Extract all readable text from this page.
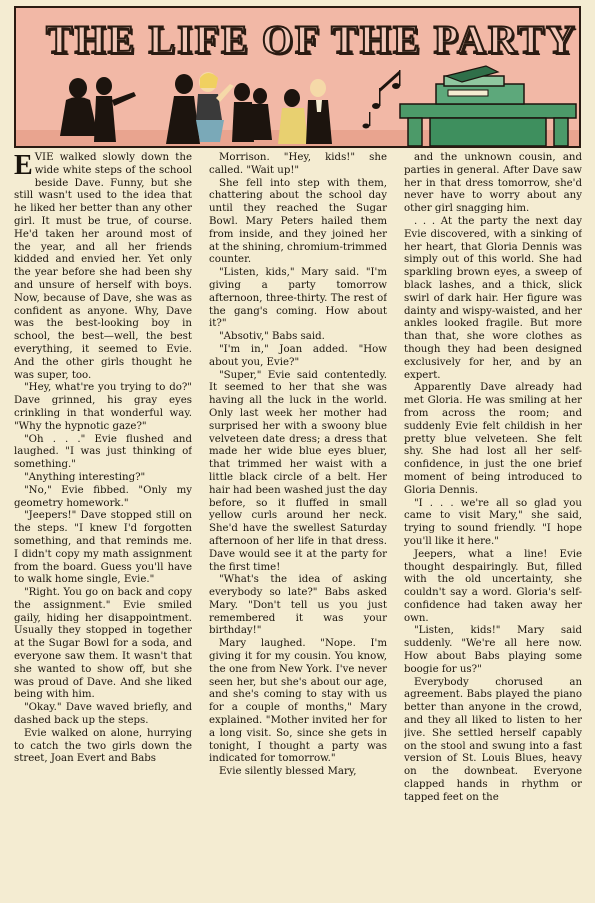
THE LIFE OF THE PARTY

EVIE walked slowly down the wide white steps of the school beside Dave. Funny, but she still wasn't used to the idea that he liked her better than any other girl. It must be true, of course. He'd taken her around most of the year, and all her friends kidded and envied her. Yet only the year before she had been shy and unsure of herself with boys. Now, because of Dave, she was as confident as anyone. Why, Dave was the best-looking boy in school, the best—well, the best everything, it seemed to Evie. And the other girls thought he was super, too.

"Hey, what're you trying to do?" Dave grinned, his gray eyes crinkling in that wonderful way. "Why the hypnotic gaze?"

"Oh . . ." Evie flushed and laughed. "I was just thinking of something."

"Anything interesting?"

"No," Evie fibbed. "Only my geometry homework."

"Jeepers!" Dave stopped still on the steps. "I knew I'd forgotten something, and that reminds me. I didn't copy my math assignment from the board. Guess you'll have to walk home single, Evie."

"Right. You go on back and copy the assignment." Evie smiled gaily, hiding her disappointment. Usually they stopped in together at the Sugar Bowl for a soda, and everyone saw them. It wasn't that she wanted to show off, but she was proud of Dave. And she liked being with him.

"Okay." Dave waved briefly, and dashed back up the steps.

Evie walked on alone, hurrying to catch the two girls down the street, Joan Evert and Babs

Morrison. "Hey, kids!" she called. "Wait up!"

She fell into step with them, chattering about the school day until they reached the Sugar Bowl. Mary Peters hailed them from inside, and they joined her at the shining, chromium-trimmed counter.

"Listen, kids," Mary said. "I'm giving a party tomorrow afternoon, three-thirty. The rest of the gang's coming. How about it?"

"Absotiv," Babs said.

"I'm in," Joan added. "How about you, Evie?"

"Super," Evie said contentedly. It seemed to her that she was having all the luck in the world. Only last week her mother had surprised her with a swoony blue velveteen date dress; a dress that made her wide blue eyes bluer, that trimmed her waist with a little black circle of a belt. Her hair had been washed just the day before, so it fluffed in small yellow curls around her neck. She'd have the swellest Saturday afternoon of her life in that dress. Dave would see it at the party for the first time!

"What's the idea of asking everybody so late?" Babs asked Mary. "Don't tell us you just remembered it was your birthday!"

Mary laughed. "Nope. I'm giving it for my cousin. You know, the one from New York. I've never seen her, but she's about our age, and she's coming to stay with us for a couple of months," Mary explained. "Mother invited her for a long visit. So, since she gets in tonight, I thought a party was indicated for tomorrow."

Evie silently blessed Mary,

and the unknown cousin, and parties in general. After Dave saw her in that dress tomorrow, she'd never have to worry about any other girl snagging him.

. . . At the party the next day Evie discovered, with a sinking of her heart, that Gloria Dennis was simply out of this world. She had sparkling brown eyes, a sweep of black lashes, and a thick, slick swirl of dark hair. Her figure was dainty and wispy-waisted, and her ankles looked fragile. But more than that, she wore clothes as though they had been designed exclusively for her, and by an expert.

Apparently Dave already had met Gloria. He was smiling at her from across the room; and suddenly Evie felt childish in her pretty blue velveteen. She felt shy. She had lost all her self-confidence, in just the one brief moment of being introduced to Gloria Dennis.

"I . . . we're all so glad you came to visit Mary," she said, trying to sound friendly. "I hope you'll like it here."

Jeepers, what a line! Evie thought despairingly. But, filled with the old uncertainty, she couldn't say a word. Gloria's self-confidence had taken away her own.

"Listen, kids!" Mary said suddenly. "We're all here now. How about Babs playing some boogie for us?"

Everybody chorused an agreement. Babs played the piano better than anyone in the crowd, and they all liked to listen to her jive. She settled herself capably on the stool and swung into a fast version of St. Louis Blues, heavy on the downbeat. Everyone clapped hands in rhythm or tapped feet on the
